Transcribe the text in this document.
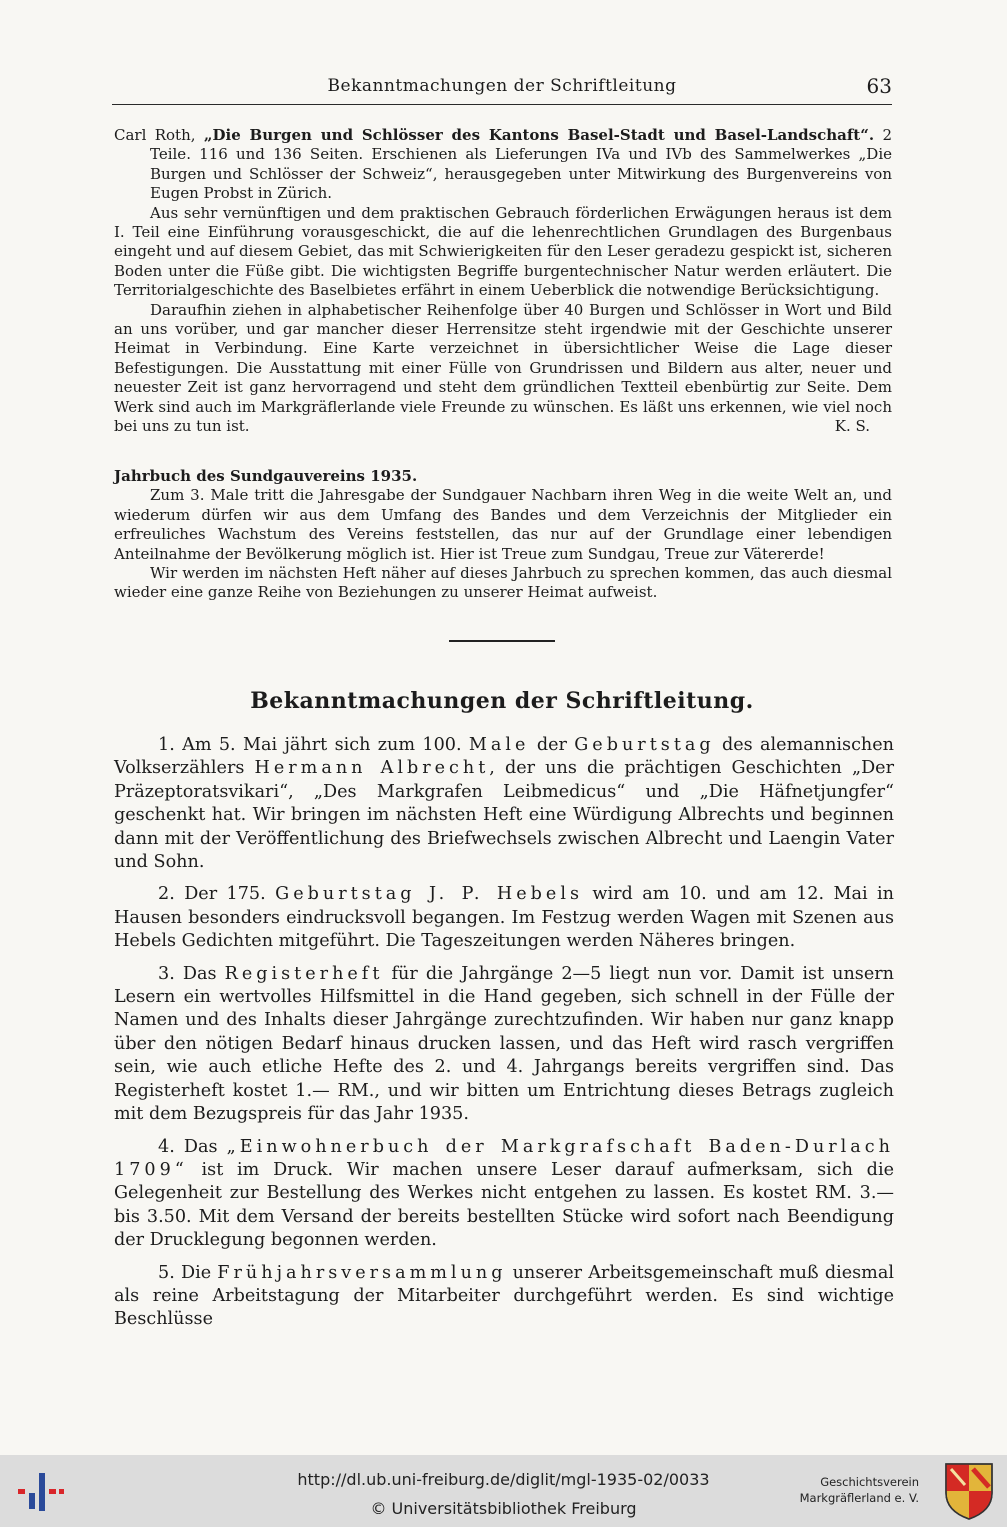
Bekanntmachungen der Schriftleitung	63

Carl Roth, „Die Burgen und Schlösser des Kantons Basel-Stadt und Basel-Landschaft“. 2 Teile. 116 und 136 Seiten. Erschienen als Lieferungen IVa und IVb des Sammelwerkes „Die Burgen und Schlösser der Schweiz“, herausgegeben unter Mitwirkung des Burgenvereins von Eugen Probst in Zürich.

Aus sehr vernünftigen und dem praktischen Gebrauch förderlichen Erwägungen heraus ist dem I. Teil eine Einführung vorausgeschickt, die auf die lehenrechtlichen Grundlagen des Burgenbaus eingeht und auf diesem Gebiet, das mit Schwierigkeiten für den Leser geradezu gespickt ist, sicheren Boden unter die Füße gibt. Die wichtigsten Begriffe burgentechnischer Natur werden erläutert. Die Territorialgeschichte des Baselbietes erfährt in einem Ueberblick die notwendige Berücksichtigung.

Daraufhin ziehen in alphabetischer Reihenfolge über 40 Burgen und Schlösser in Wort und Bild an uns vorüber, und gar mancher dieser Herrensitze steht irgendwie mit der Geschichte unserer Heimat in Verbindung. Eine Karte verzeichnet in übersichtlicher Weise die Lage dieser Befestigungen. Die Ausstattung mit einer Fülle von Grundrissen und Bildern aus alter, neuer und neuester Zeit ist ganz hervorragend und steht dem gründlichen Textteil ebenbürtig zur Seite. Dem Werk sind auch im Markgräflerlande viele Freunde zu wünschen. Es läßt uns erkennen, wie viel noch bei uns zu tun ist.	K. S.

Jahrbuch des Sundgauvereins 1935.

Zum 3. Male tritt die Jahresgabe der Sundgauer Nachbarn ihren Weg in die weite Welt an, und wiederum dürfen wir aus dem Umfang des Bandes und dem Verzeichnis der Mitglieder ein erfreuliches Wachstum des Vereins feststellen, das nur auf der Grundlage einer lebendigen Anteilnahme der Bevölkerung möglich ist. Hier ist Treue zum Sundgau, Treue zur Vätererde!

Wir werden im nächsten Heft näher auf dieses Jahrbuch zu sprechen kommen, das auch diesmal wieder eine ganze Reihe von Beziehungen zu unserer Heimat aufweist.

Bekanntmachungen der Schriftleitung.

1. Am 5. Mai jährt sich zum 100. Male der Geburtstag des alemannischen Volkserzählers Hermann Albrecht, der uns die prächtigen Geschichten „Der Präzeptoratsvikari“, „Des Markgrafen Leibmedicus“ und „Die Häfnetjungfer“ geschenkt hat. Wir bringen im nächsten Heft eine Würdigung Albrechts und beginnen dann mit der Veröffentlichung des Briefwechsels zwischen Albrecht und Laengin Vater und Sohn.

2. Der 175. Geburtstag J. P. Hebels wird am 10. und am 12. Mai in Hausen besonders eindrucksvoll begangen. Im Festzug werden Wagen mit Szenen aus Hebels Gedichten mitgeführt. Die Tageszeitungen werden Näheres bringen.

3. Das Registerheft für die Jahrgänge 2—5 liegt nun vor. Damit ist unsern Lesern ein wertvolles Hilfsmittel in die Hand gegeben, sich schnell in der Fülle der Namen und des Inhalts dieser Jahrgänge zurechtzufinden. Wir haben nur ganz knapp über den nötigen Bedarf hinaus drucken lassen, und das Heft wird rasch vergriffen sein, wie auch etliche Hefte des 2. und 4. Jahrgangs bereits vergriffen sind. Das Registerheft kostet 1.— RM., und wir bitten um Entrichtung dieses Betrags zugleich mit dem Bezugspreis für das Jahr 1935.

4. Das „Einwohnerbuch der Markgrafschaft Baden-Durlach 1709“ ist im Druck. Wir machen unsere Leser darauf aufmerksam, sich die Gelegenheit zur Bestellung des Werkes nicht entgehen zu lassen. Es kostet RM. 3.— bis 3.50. Mit dem Versand der bereits bestellten Stücke wird sofort nach Beendigung der Drucklegung begonnen werden.

5. Die Frühjahrsversammlung unserer Arbeitsgemeinschaft muß diesmal als reine Arbeitstagung der Mitarbeiter durchgeführt werden. Es sind wichtige Beschlüsse

http://dl.ub.uni-freiburg.de/diglit/mgl-1935-02/0033
© Universitätsbibliothek Freiburg
Geschichtsverein
Markgräflerland e. V.
